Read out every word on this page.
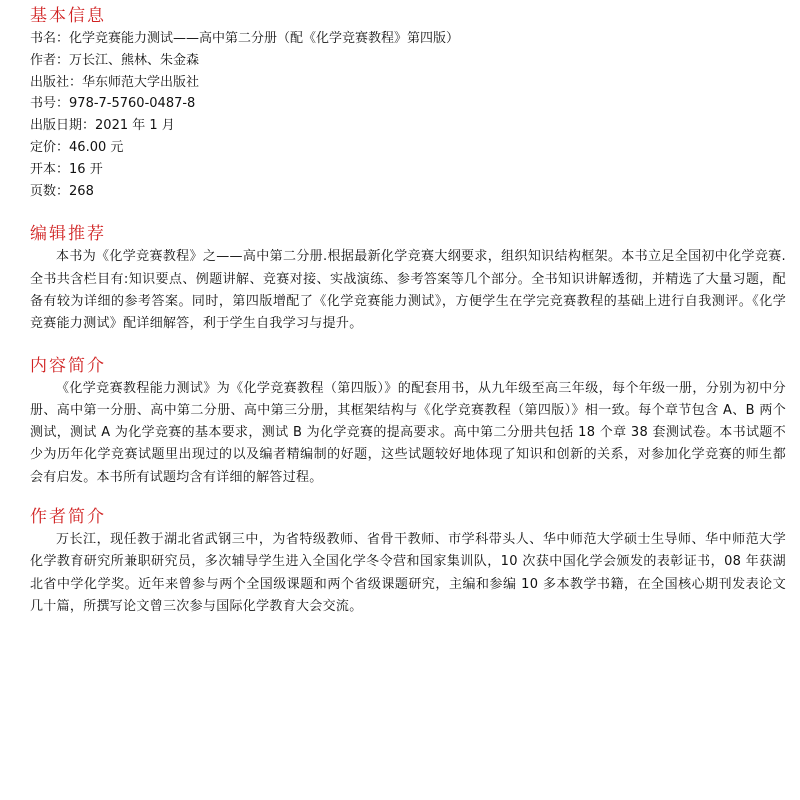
基本信息
书名 ： 化学竞赛能力测试——高中第二分册（配《化学竞赛教程》第四版）
作者 ： 万长江、熊林、朱金森
出版社 ： 华东师范大学出版社
书号 ： 978-7-5760-0487-8
出版日期 ： 2021 年 1 月
定价 ： 46.00 元
开本 ： 16 开
页数 ： 268
编辑推荐

本书为《化学竞赛教程》之——高中第二分册.根据最新化学竞赛大纲要求，组织知识结构框架。本书立足全国初中化学竞赛.全书共含栏目有:知识要点、例题讲解、竞赛对接、实战演练、参考答案等几个部分。全书知识讲解透彻，并精选了大量习题，配备有较为详细的参考答案。同时，第四版增配了《化学竞赛能力测试》，方便学生在学完竞赛教程的基础上进行自我测评。《化学竞赛能力测试》配详细解答，利于学生自我学习与提升。

内容简介

《化学竞赛教程能力测试》为《化学竞赛教程（第四版）》的配套用书，从九年级至高三年级，每个年级一册，分别为初中分册、高中第一分册、高中第二分册、高中第三分册，其框架结构与《化学竞赛教程（第四版）》相一致。每个章节包含 A、B 两个测试，测试 A 为化学竞赛的基本要求，测试 B 为化学竞赛的提高要求。高中第二分册共包括 18 个章 38 套测试卷。本书试题不少为历年化学竞赛试题里出现过的以及编者精编制的好题，这些试题较好地体现了知识和创新的关系，对参加化学竞赛的师生都会有启发。本书所有试题均含有详细的解答过程。

作者简介

万长江，现任教于湖北省武钢三中，为省特级教师、省骨干教师、市学科带头人、华中师范大学硕士生导师、华中师范大学化学教育研究所兼职研究员，多次辅导学生进入全国化学冬令营和国家集训队，10 次获中国化学会颁发的表彰证书，08 年获湖北省中学化学奖。近年来曾参与两个全国级课题和两个省级课题研究，主编和参编 10 多本教学书籍，在全国核心期刊发表论文几十篇，所撰写论文曾三次参与国际化学教育大会交流。
